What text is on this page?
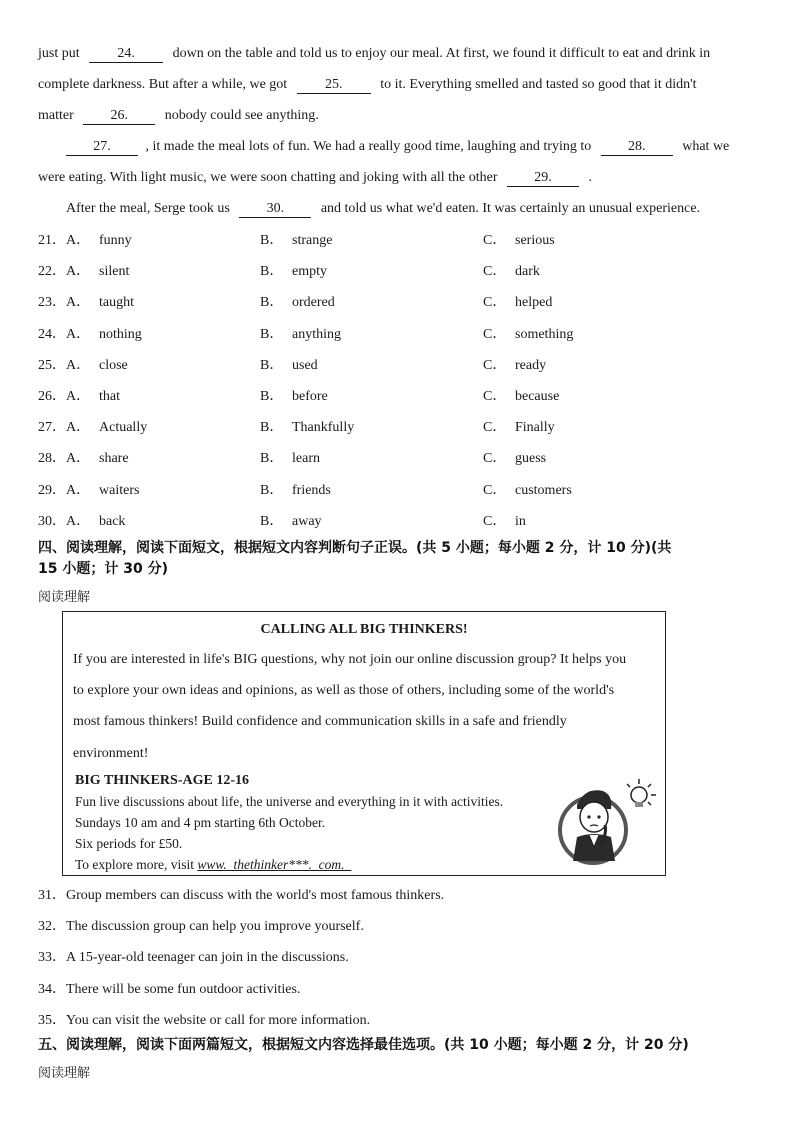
just put	24.	down on the table and told us to enjoy our meal. At first, we found it difficult to eat and drink in
complete darkness. But after a while, we got	25.	to it. Everything smelled and tasted so good that it didn't
matter	26.	nobody could see anything.
27. , it made the meal lots of fun. We had a really good time, laughing and trying to	28.	what we
were eating. With light music, we were soon chatting and joking with all the other	29.	.
After the meal, Serge took us	30.	and told us what we'd eaten. It was certainly an unusual experience.
21．A． funny	B． strange	C． serious
22．A． silent	B． empty	C． dark
23．A． taught	B． ordered	C． helped
24．A． nothing	B． anything	C． something
25．A． close	B． used	C． ready
26．A． that	B． before	C． because
27．A． Actually	B． Thankfully	C． Finally
28．A． share	B． learn	C． guess
29．A． waiters	B． friends	C． customers
30．A． back	B． away	C． in
四、阅读理解，阅读下面短文，根据短文内容判断句子正误。(共 5 小题；每小题 2 分，计 10 分)(共
15 小题；计 30 分)
阅读理解
CALLING ALL BIG THINKERS!
If you are interested in life's BIG questions, why not join our online discussion group? It helps you
to explore your own ideas and opinions, as well as those of others, including some of the world's
most famous thinkers! Build confidence and communication skills in a safe and friendly
environment!
BIG THINKERS-AGE 12-16
Fun live discussions about life, the universe and everything in it with activities.
Sundays 10 am and 4 pm starting 6th October.
Six periods for £50.
To explore more, visit www._thethinker***._com._
31．Group members can discuss with the world's most famous thinkers.
32．The discussion group can help you improve yourself.
33．A 15-year-old teenager can join in the discussions.
34．There will be some fun outdoor activities.
35．You can visit the website or call for more information.
五、阅读理解，阅读下面两篇短文，根据短文内容选择最佳选项。(共 10 小题；每小题 2 分，计 20 分)
阅读理解
